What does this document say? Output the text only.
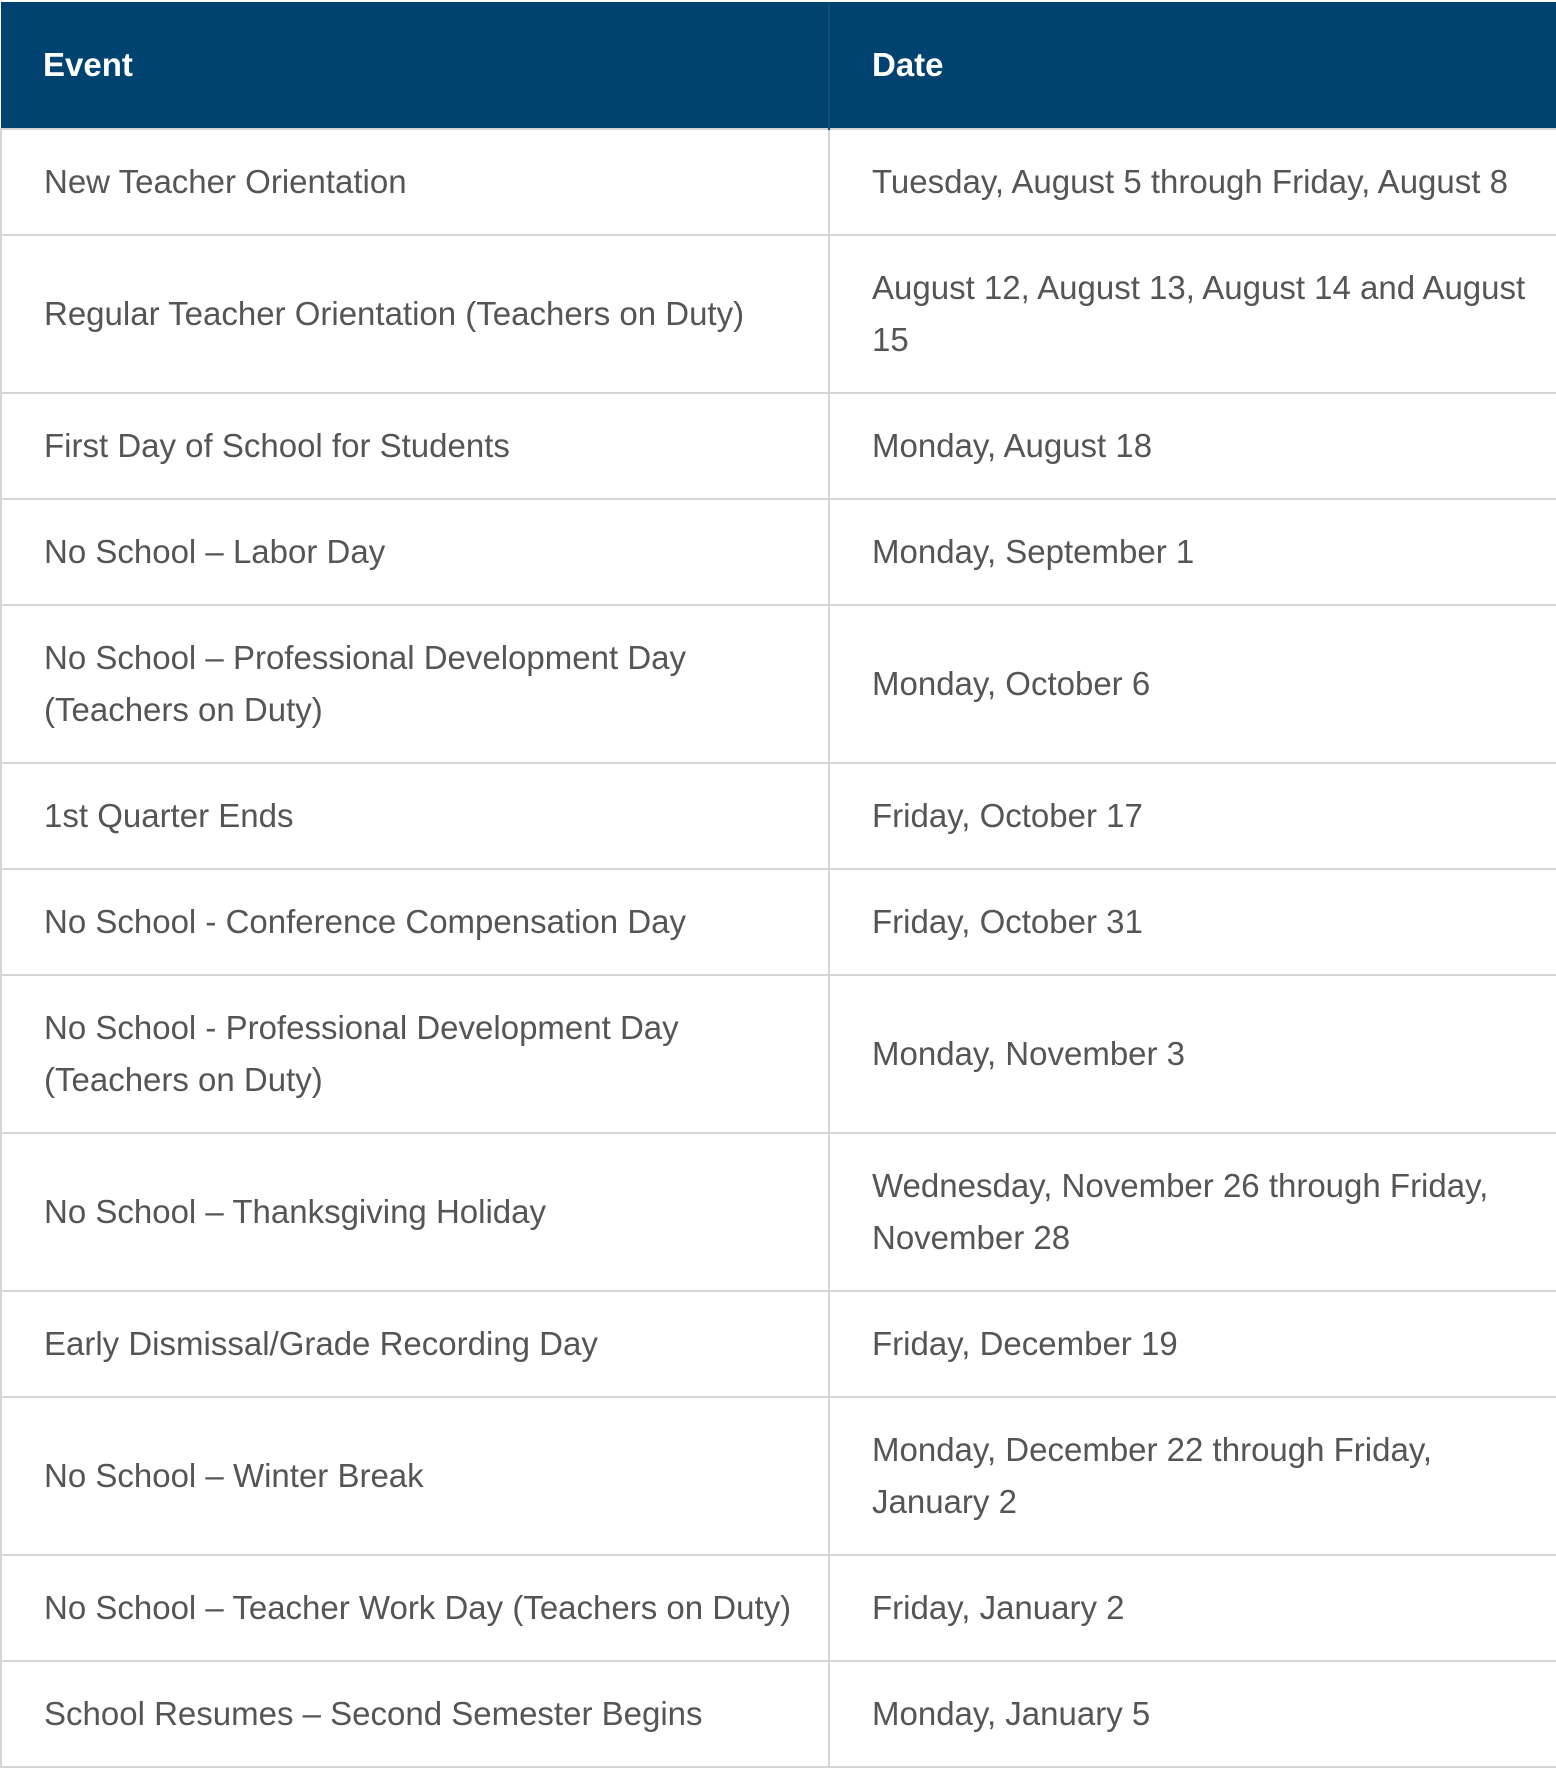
Event	Date
New Teacher Orientation	Tuesday, August 5 through Friday, August 8
Regular Teacher Orientation (Teachers on Duty)	August 12, August 13, August 14 and August 15
First Day of School for Students	Monday, August 18
No School – Labor Day	Monday, September 1
No School – Professional Development Day (Teachers on Duty)	Monday, October 6
1st Quarter Ends	Friday, October 17
No School - Conference Compensation Day	Friday, October 31
No School - Professional Development Day (Teachers on Duty)	Monday, November 3
No School – Thanksgiving Holiday	Wednesday, November 26 through Friday, November 28
Early Dismissal/Grade Recording Day	Friday, December 19
No School – Winter Break	Monday, December 22 through Friday, January 2
No School – Teacher Work Day (Teachers on Duty)	Friday, January 2
School Resumes – Second Semester Begins	Monday, January 5
